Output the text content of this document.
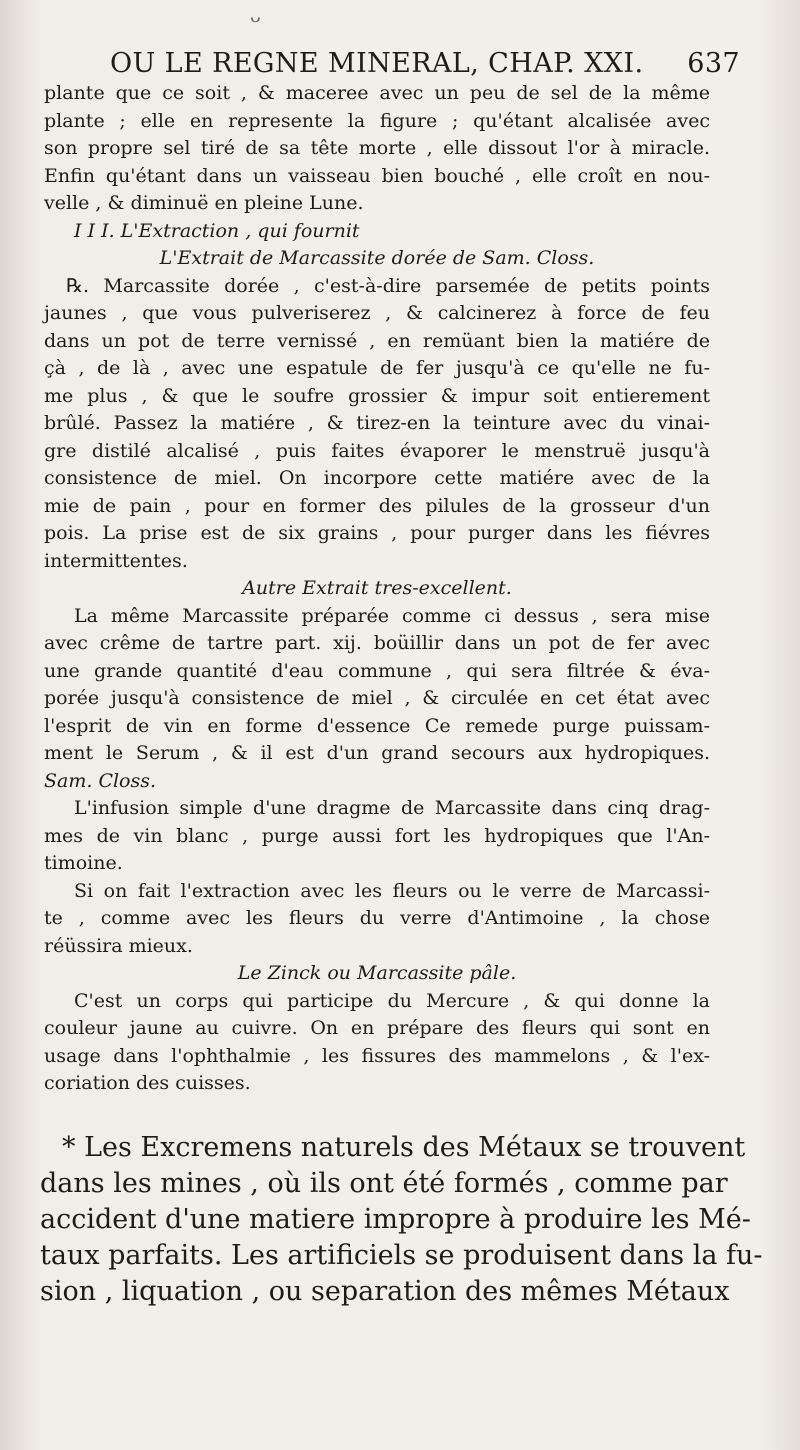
ᴗ
OU LE REGNE MINERAL, CHAP. XXI. 637
plante que ce soit , & maceree avec un peu de sel de la même
plante ; elle en represente la figure ; qu'étant alcalisée avec
son propre sel tiré de sa tête morte , elle dissout l'or à miracle.
Enfin qu'étant dans un vaisseau bien bouché , elle croît en nou-
velle , & diminuë en pleine Lune.
I I I. L'Extraction , qui fournit
L'Extrait de Marcassite dorée de Sam. Closs.
℞. Marcassite dorée , c'est-à-dire parsemée de petits points
jaunes , que vous pulveriserez , & calcinerez à force de feu
dans un pot de terre vernissé , en remüant bien la matiére de
çà , de là , avec une espatule de fer jusqu'à ce qu'elle ne fu-
me plus , & que le soufre grossier & impur soit entierement
brûlé. Passez la matiére , & tirez-en la teinture avec du vinai-
gre distilé alcalisé , puis faites évaporer le menstruë jusqu'à
consistence de miel. On incorpore cette matiére avec de la
mie de pain , pour en former des pilules de la grosseur d'un
pois. La prise est de six grains , pour purger dans les fiévres
intermittentes.
Autre Extrait tres-excellent.
La même Marcassite préparée comme ci dessus , sera mise
avec crême de tartre part. xij. boüillir dans un pot de fer avec
une grande quantité d'eau commune , qui sera filtrée & éva-
porée jusqu'à consistence de miel , & circulée en cet état avec
l'esprit de vin en forme d'essence Ce remede purge puissam-
ment le Serum , & il est d'un grand secours aux hydropiques.
Sam. Closs.
L'infusion simple d'une dragme de Marcassite dans cinq drag-
mes de vin blanc , purge aussi fort les hydropiques que l'An-
timoine.
Si on fait l'extraction avec les fleurs ou le verre de Marcassi-
te , comme avec les fleurs du verre d'Antimoine , la chose
réüssira mieux.
Le Zinck ou Marcassite pâle.
C'est un corps qui participe du Mercure , & qui donne la
couleur jaune au cuivre. On en prépare des fleurs qui sont en
usage dans l'ophthalmie , les fissures des mammelons , & l'ex-
coriation des cuisses.
* Les Excremens naturels des Métaux se trouvent
dans les mines , où ils ont été formés , comme par
accident d'une matiere impropre à produire les Mé-
taux parfaits. Les artificiels se produisent dans la fu-
sion , liquation , ou separation des mêmes Métaux
